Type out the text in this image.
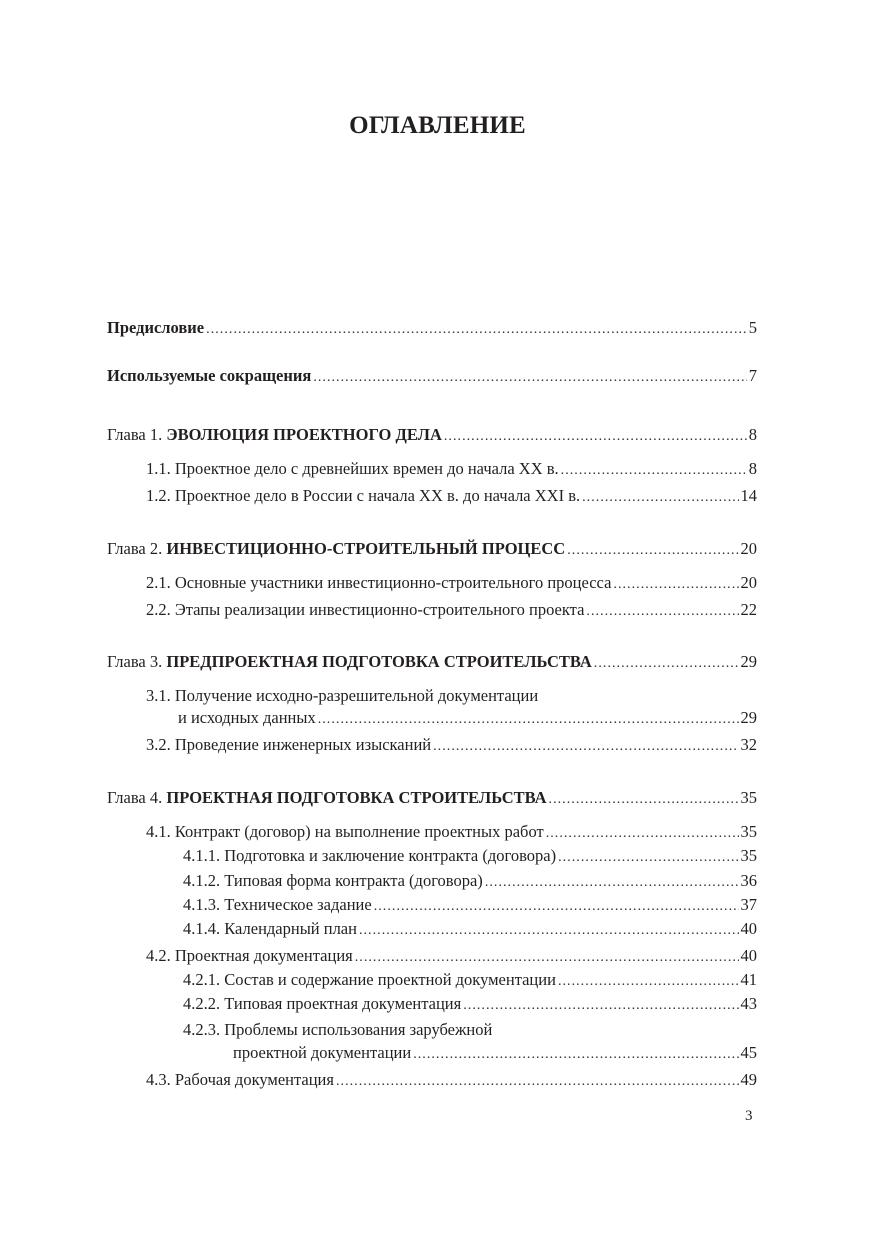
ОГЛАВЛЕНИЕ
Предисловие .....	5
Используемые сокращения .....	7
Глава 1. ЭВОЛЮЦИЯ ПРОЕКТНОГО ДЕЛА .....	8
1.1. Проектное дело с древнейших времен до начала XX в. .....	8
1.2. Проектное дело в России с начала XX в. до начала XXI в. .....	14
Глава 2. ИНВЕСТИЦИОННО-СТРОИТЕЛЬНЫЙ ПРОЦЕСС .....	20
2.1. Основные участники инвестиционно-строительного процесса .....	20
2.2. Этапы реализации инвестиционно-строительного проекта .....	22
Глава 3. ПРЕДПРОЕКТНАЯ ПОДГОТОВКА СТРОИТЕЛЬСТВА .....	29
3.1. Получение исходно-разрешительной документации
и исходных данных .....	29
3.2. Проведение инженерных изысканий .....	32
Глава 4. ПРОЕКТНАЯ ПОДГОТОВКА СТРОИТЕЛЬСТВА .....	35
4.1. Контракт (договор) на выполнение проектных работ .....	35
4.1.1. Подготовка и заключение контракта (договора) .....	35
4.1.2. Типовая форма контракта (договора) .....	36
4.1.3. Техническое задание .....	37
4.1.4. Календарный план .....	40
4.2. Проектная документация .....	40
4.2.1. Состав и содержание проектной документации .....	41
4.2.2. Типовая проектная документация .....	43
4.2.3. Проблемы использования зарубежной
проектной документации .....	45
4.3. Рабочая документация .....	49
3
